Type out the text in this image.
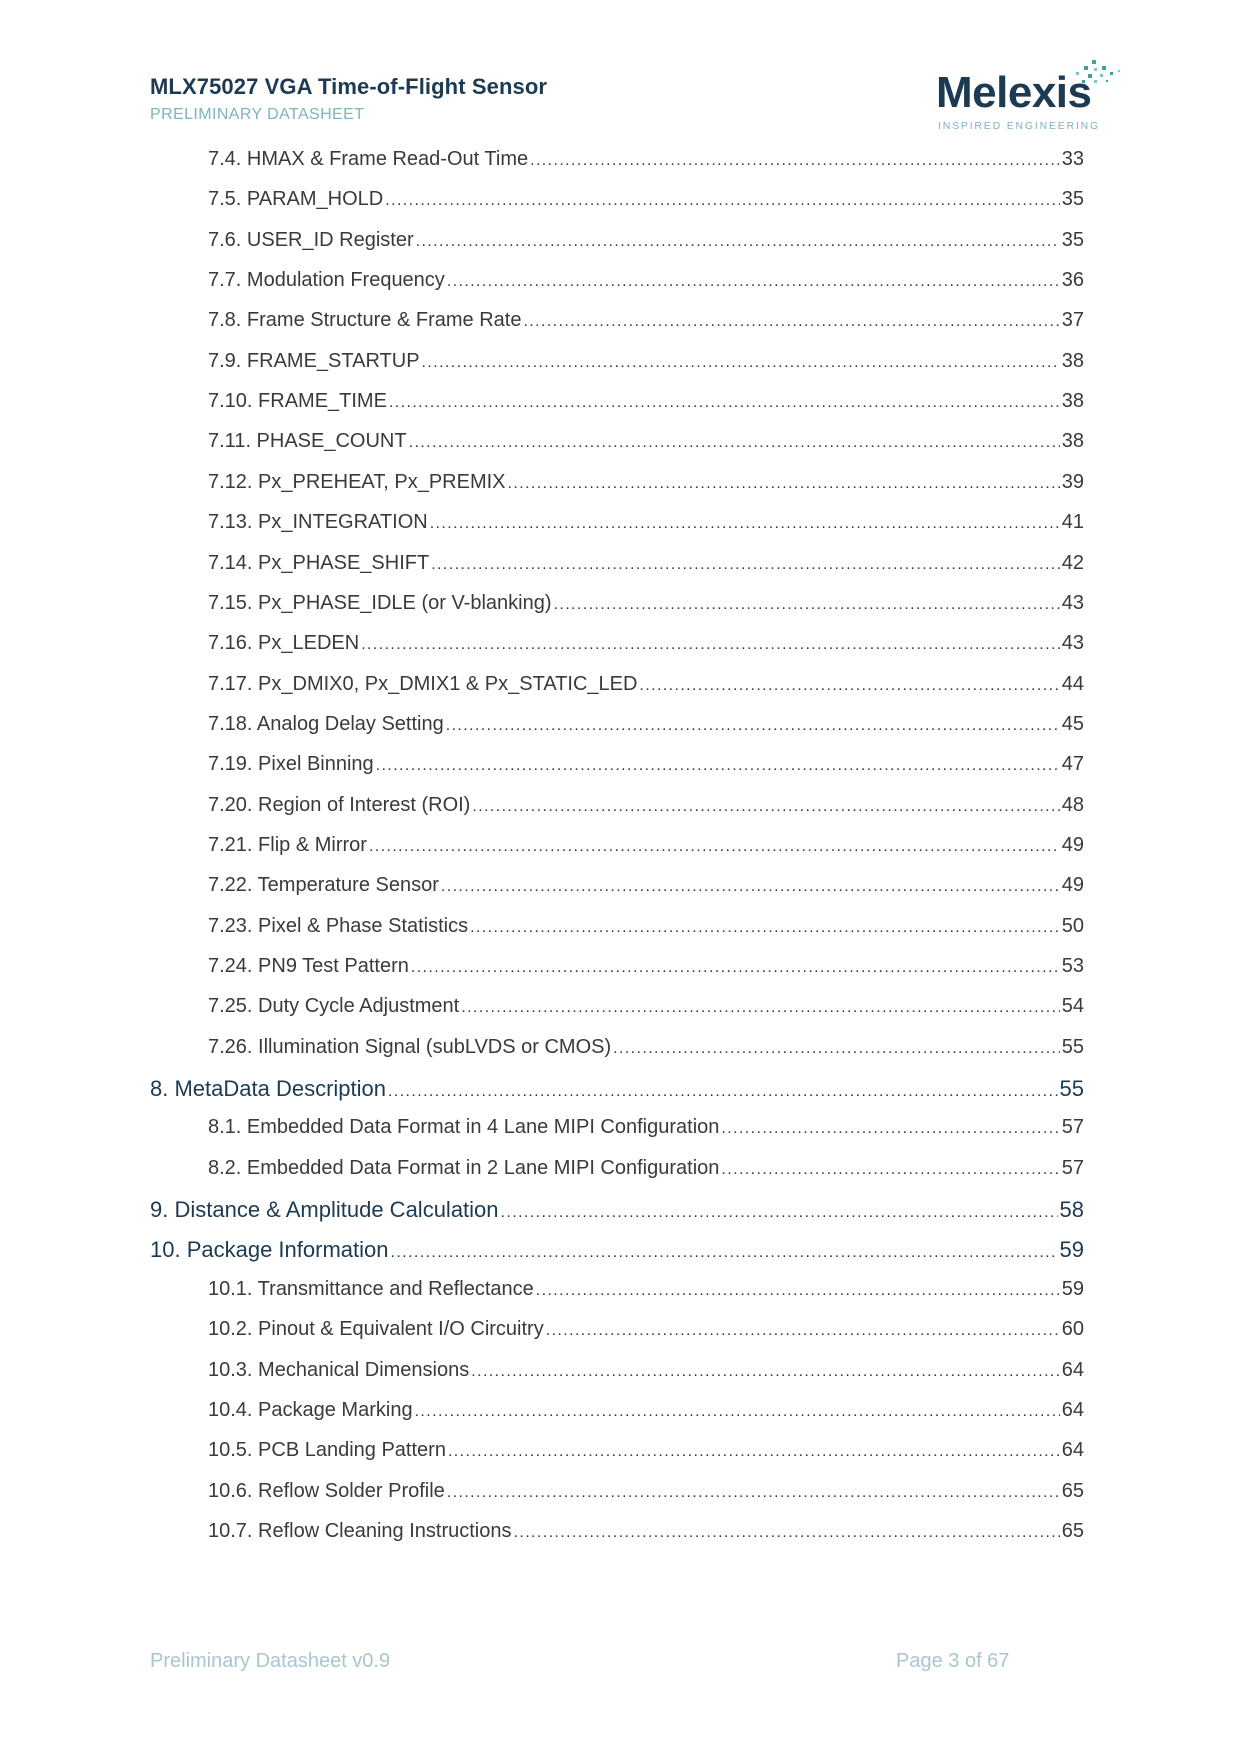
MLX75027 VGA Time-of-Flight Sensor
PRELIMINARY DATASHEET	Melexis
INSPIRED ENGINEERING
7.4. HMAX & Frame Read-Out Time .....	33
7.5. PARAM_HOLD .....	35
7.6. USER_ID Register .....	35
7.7. Modulation Frequency .....	36
7.8. Frame Structure & Frame Rate .....	37
7.9. FRAME_STARTUP .....	38
7.10. FRAME_TIME .....	38
7.11. PHASE_COUNT .....	38
7.12. Px_PREHEAT, Px_PREMIX .....	39
7.13. Px_INTEGRATION .....	41
7.14. Px_PHASE_SHIFT .....	42
7.15. Px_PHASE_IDLE (or V-blanking) .....	43
7.16. Px_LEDEN .....	43
7.17. Px_DMIX0, Px_DMIX1 & Px_STATIC_LED .....	44
7.18. Analog Delay Setting .....	45
7.19. Pixel Binning .....	47
7.20. Region of Interest (ROI) .....	48
7.21. Flip & Mirror .....	49
7.22. Temperature Sensor .....	49
7.23. Pixel & Phase Statistics .....	50
7.24. PN9 Test Pattern .....	53
7.25. Duty Cycle Adjustment .....	54
7.26. Illumination Signal (subLVDS or CMOS) .....	55
8. MetaData Description .....	55
8.1. Embedded Data Format in 4 Lane MIPI Configuration .....	57
8.2. Embedded Data Format in 2 Lane MIPI Configuration .....	57
9. Distance & Amplitude Calculation .....	58
10. Package Information .....	59
10.1. Transmittance and Reflectance .....	59
10.2. Pinout & Equivalent I/O Circuitry .....	60
10.3. Mechanical Dimensions .....	64
10.4. Package Marking .....	64
10.5. PCB Landing Pattern .....	64
10.6. Reflow Solder Profile .....	65
10.7. Reflow Cleaning Instructions .....	65
Preliminary Datasheet v0.9	Page 3 of 67
